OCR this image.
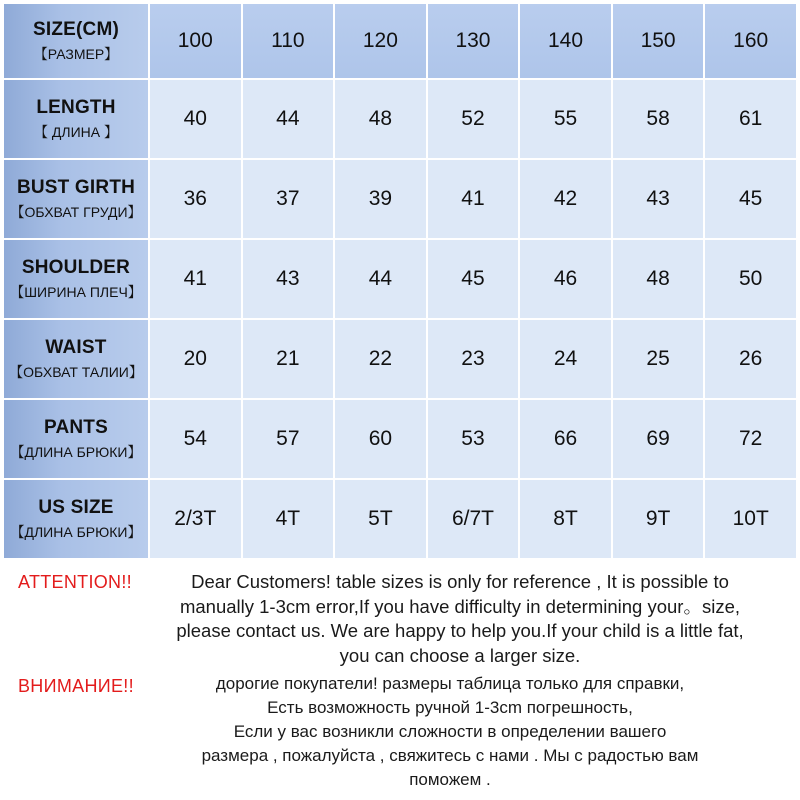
SIZE(CM)
【РАЗМЕР】	100	110	120	130	140	150	160

LENGTH
【 ДЛИНА 】	40	44	48	52	55	58	61

BUST GIRTH
【ОБХВАТ ГРУДИ】	36	37	39	41	42	43	45

SHOULDER
【ШИРИНА ПЛЕЧ】	41	43	44	45	46	48	50

WAIST
【ОБХВАТ ТАЛИИ】	20	21	22	23	24	25	26

PANTS
【ДЛИНА БРЮКИ】	54	57	60	53	66	69	72

US SIZE
【ДЛИНА БРЮКИ】	2/3T	4T	5T	6/7T	8T	9T	10T
ATTENTION!!	Dear Customers! table sizes is only for reference , It is possible to
manually 1-3cm error,If you have difficulty in determining your。size,
please contact us. We are happy to help you.If your child is a little fat,
you can choose a larger size.
ВНИМАНИЕ!!	дорогие покупатели! размеры таблица только для справки,
Есть возможность ручной 1-3cm погрешность,
Если у вас возникли сложности в определении вашего
размера , пожалуйста , свяжитесь с нами . Мы с радостью вам
поможем .
